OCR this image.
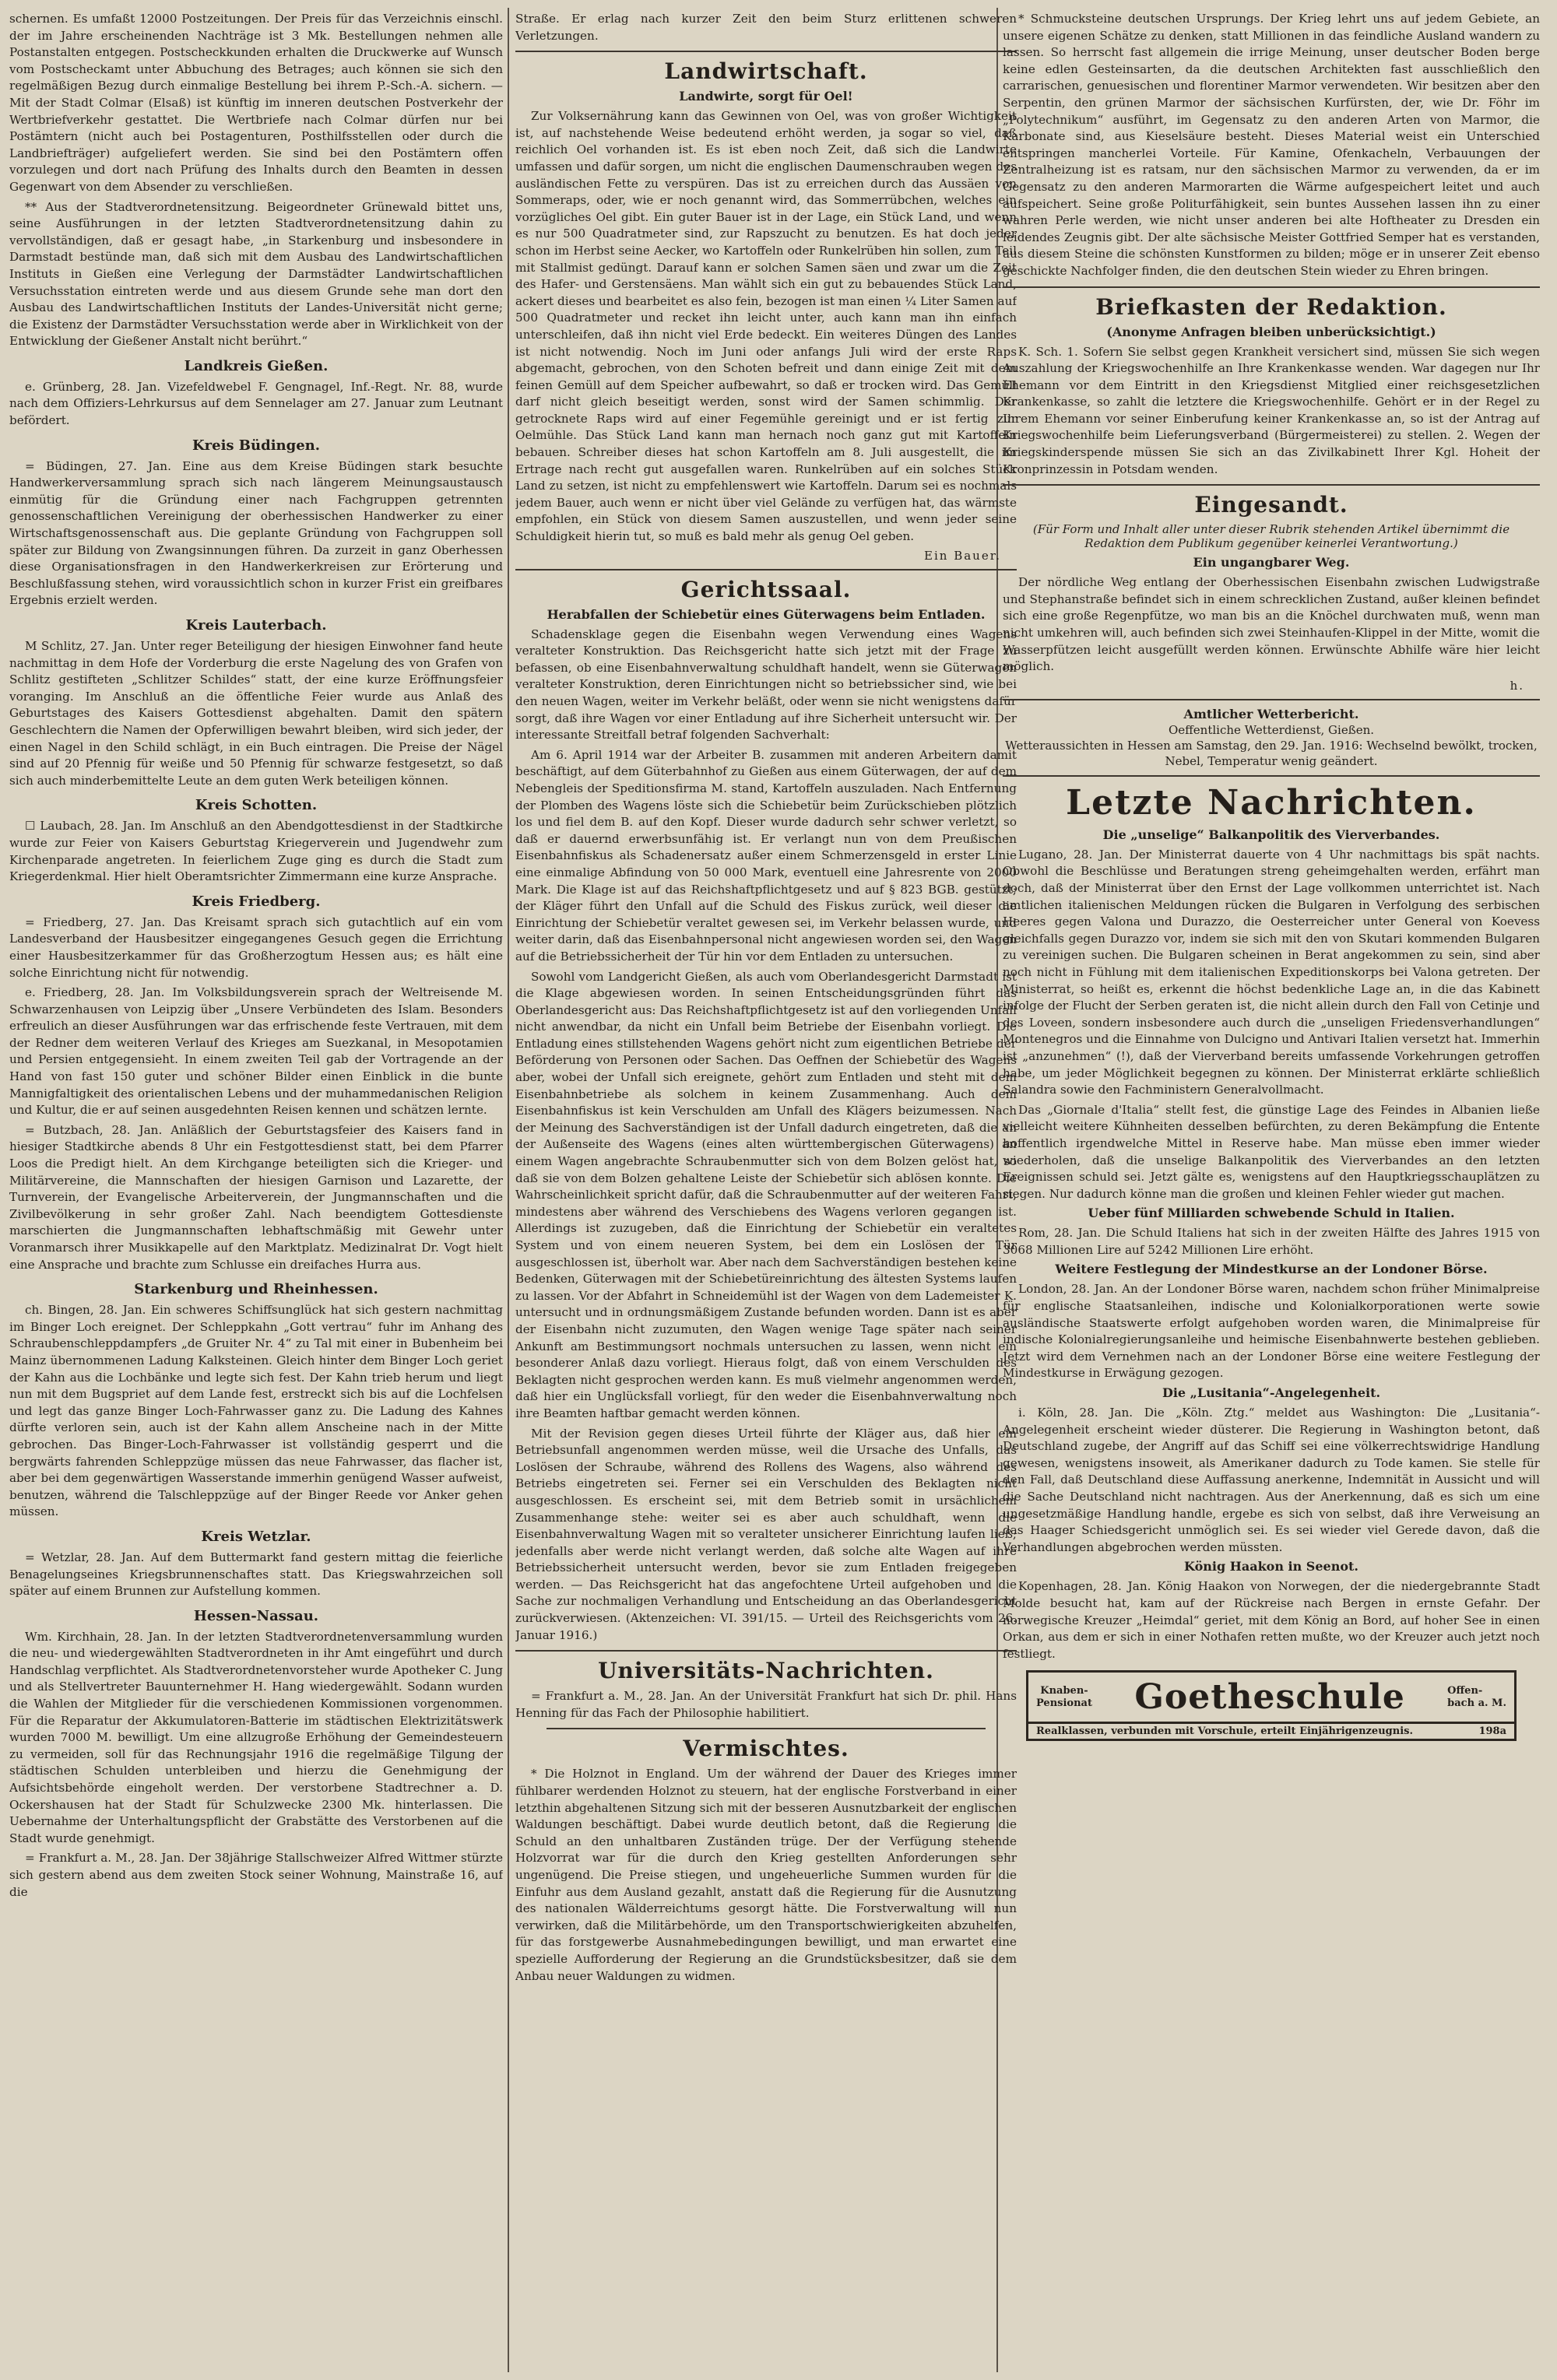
schernen. Es umfaßt 12000 Postzeitungen. Der Preis für das Verzeichnis einschl. der im Jahre erscheinenden Nachträge ist 3 Mk. Bestellungen nehmen alle Postanstalten entgegen. Postscheckkunden erhalten die Druckwerke auf Wunsch vom Postscheckamt unter Abbuchung des Betrages; auch können sie sich den regelmäßigen Bezug durch einmalige Bestellung bei ihrem P.-Sch.-A. sichern. — Mit der Stadt Colmar (Elsaß) ist künftig im inneren deutschen Postverkehr der Wertbriefverkehr gestattet. Die Wertbriefe nach Colmar dürfen nur bei Postämtern (nicht auch bei Postagenturen, Posthilfsstellen oder durch die Landbriefträger) aufgeliefert werden. Sie sind bei den Postämtern offen vorzulegen und dort nach Prüfung des Inhalts durch den Beamten in dessen Gegenwart von dem Absender zu verschließen.

** Aus der Stadtverordnetensitzung. Beigeordneter Grünewald bittet uns, seine Ausführungen in der letzten Stadtverordnetensitzung dahin zu vervollständigen, daß er gesagt habe, „in Starkenburg und insbesondere in Darmstadt bestünde man, daß sich mit dem Ausbau des Landwirtschaftlichen Instituts in Gießen eine Verlegung der Darmstädter Landwirtschaftlichen Versuchsstation eintreten werde und aus diesem Grunde sehe man dort den Ausbau des Landwirtschaftlichen Instituts der Landes-Universität nicht gerne; die Existenz der Darmstädter Versuchsstation werde aber in Wirklichkeit von der Entwicklung der Gießener Anstalt nicht berührt.“

Landkreis Gießen.

e. Grünberg, 28. Jan. Vizefeldwebel F. Gengnagel, Inf.-Regt. Nr. 88, wurde nach dem Offiziers-Lehrkursus auf dem Sennelager am 27. Januar zum Leutnant befördert.

Kreis Büdingen.

= Büdingen, 27. Jan. Eine aus dem Kreise Büdingen stark besuchte Handwerkerversammlung sprach sich nach längerem Meinungsaustausch einmütig für die Gründung einer nach Fachgruppen getrennten genossenschaftlichen Vereinigung der oberhessischen Handwerker zu einer Wirtschaftsgenossenschaft aus. Die geplante Gründung von Fachgruppen soll später zur Bildung von Zwangsinnungen führen. Da zurzeit in ganz Oberhessen diese Organisationsfragen in den Handwerkerkreisen zur Erörterung und Beschlußfassung stehen, wird voraussichtlich schon in kurzer Frist ein greifbares Ergebnis erzielt werden.

Kreis Lauterbach.

M Schlitz, 27. Jan. Unter reger Beteiligung der hiesigen Einwohner fand heute nachmittag in dem Hofe der Vorderburg die erste Nagelung des von Grafen von Schlitz gestifteten „Schlitzer Schildes“ statt, der eine kurze Eröffnungsfeier voranging. Im Anschluß an die öffentliche Feier wurde aus Anlaß des Geburtstages des Kaisers Gottesdienst abgehalten. Damit den spätern Geschlechtern die Namen der Opferwilligen bewahrt bleiben, wird sich jeder, der einen Nagel in den Schild schlägt, in ein Buch eintragen. Die Preise der Nägel sind auf 20 Pfennig für weiße und 50 Pfennig für schwarze festgesetzt, so daß sich auch minderbemittelte Leute an dem guten Werk beteiligen können.

Kreis Schotten.

☐ Laubach, 28. Jan. Im Anschluß an den Abendgottesdienst in der Stadtkirche wurde zur Feier von Kaisers Geburtstag Kriegerverein und Jugendwehr zum Kirchenparade angetreten. In feierlichem Zuge ging es durch die Stadt zum Kriegerdenkmal. Hier hielt Oberamtsrichter Zimmermann eine kurze Ansprache.

Kreis Friedberg.

= Friedberg, 27. Jan. Das Kreisamt sprach sich gutachtlich auf ein vom Landesverband der Hausbesitzer eingegangenes Gesuch gegen die Errichtung einer Hausbesitzerkammer für das Großherzogtum Hessen aus; es hält eine solche Einrichtung nicht für notwendig.

e. Friedberg, 28. Jan. Im Volksbildungsverein sprach der Weltreisende M. Schwarzenhausen von Leipzig über „Unsere Verbündeten des Islam. Besonders erfreulich an dieser Ausführungen war das erfrischende feste Vertrauen, mit dem der Redner dem weiteren Verlauf des Krieges am Suezkanal, in Mesopotamien und Persien entgegensieht. In einem zweiten Teil gab der Vortragende an der Hand von fast 150 guter und schöner Bilder einen Einblick in die bunte Mannigfaltigkeit des orientalischen Lebens und der muhammedanischen Religion und Kultur, die er auf seinen ausgedehnten Reisen kennen und schätzen lernte.

= Butzbach, 28. Jan. Anläßlich der Geburtstagsfeier des Kaisers fand in hiesiger Stadtkirche abends 8 Uhr ein Festgottesdienst statt, bei dem Pfarrer Loos die Predigt hielt. An dem Kirchgange beteiligten sich die Krieger- und Militärvereine, die Mannschaften der hiesigen Garnison und Lazarette, der Turnverein, der Evangelische Arbeiterverein, der Jungmannschaften und die Zivilbevölkerung in sehr großer Zahl. Nach beendigtem Gottesdienste marschierten die Jungmannschaften lebhaftschmäßig mit Gewehr unter Voranmarsch ihrer Musikkapelle auf den Marktplatz. Medizinalrat Dr. Vogt hielt eine Ansprache und brachte zum Schlusse ein dreifaches Hurra aus.

Starkenburg und Rheinhessen.

ch. Bingen, 28. Jan. Ein schweres Schiffsunglück hat sich gestern nachmittag im Binger Loch ereignet. Der Schleppkahn „Gott vertrau“ fuhr im Anhang des Schraubenschleppdampfers „de Gruiter Nr. 4“ zu Tal mit einer in Bubenheim bei Mainz übernommenen Ladung Kalksteinen. Gleich hinter dem Binger Loch geriet der Kahn aus die Lochbänke und legte sich fest. Der Kahn trieb herum und liegt nun mit dem Bugspriet auf dem Lande fest, erstreckt sich bis auf die Lochfelsen und legt das ganze Binger Loch-Fahrwasser ganz zu. Die Ladung des Kahnes dürfte verloren sein, auch ist der Kahn allem Anscheine nach in der Mitte gebrochen. Das Binger-Loch-Fahrwasser ist vollständig gesperrt und die bergwärts fahrenden Schleppzüge müssen das neue Fahrwasser, das flacher ist, aber bei dem gegenwärtigen Wasserstande immerhin genügend Wasser aufweist, benutzen, während die Talschleppzüge auf der Binger Reede vor Anker gehen müssen.

Kreis Wetzlar.

= Wetzlar, 28. Jan. Auf dem Buttermarkt fand gestern mittag die feierliche Benagelungseines Kriegsbrunnenschaftes statt. Das Kriegswahrzeichen soll später auf einem Brunnen zur Aufstellung kommen.

Hessen-Nassau.

Wm. Kirchhain, 28. Jan. In der letzten Stadtverordnetenversammlung wurden die neu- und wiedergewählten Stadtverordneten in ihr Amt eingeführt und durch Handschlag verpflichtet. Als Stadtverordnetenvorsteher wurde Apotheker C. Jung und als Stellvertreter Bauunternehmer H. Hang wiedergewählt. Sodann wurden die Wahlen der Mitglieder für die verschiedenen Kommissionen vorgenommen. Für die Reparatur der Akkumulatoren-Batterie im städtischen Elektrizitätswerk wurden 7000 M. bewilligt. Um eine allzugroße Erhöhung der Gemeindesteuern zu vermeiden, soll für das Rechnungsjahr 1916 die regelmäßige Tilgung der städtischen Schulden unterbleiben und hierzu die Genehmigung der Aufsichtsbehörde eingeholt werden. Der verstorbene Stadtrechner a. D. Ockershausen hat der Stadt für Schulzwecke 2300 Mk. hinterlassen. Die Uebernahme der Unterhaltungspflicht der Grabstätte des Verstorbenen auf die Stadt wurde genehmigt.

= Frankfurt a. M., 28. Jan. Der 38jährige Stallschweizer Alfred Wittmer stürzte sich gestern abend aus dem zweiten Stock seiner Wohnung, Mainstraße 16, auf die

Straße. Er erlag nach kurzer Zeit den beim Sturz erlittenen schweren Verletzungen.

Landwirtschaft.
Landwirte, sorgt für Oel!

Zur Volksernährung kann das Gewinnen von Oel, was von großer Wichtigkeit ist, auf nachstehende Weise bedeutend erhöht werden, ja sogar so viel, daß reichlich Oel vorhanden ist. Es ist eben noch Zeit, daß sich die Landwirte umfassen und dafür sorgen, um nicht die englischen Daumenschrauben wegen des ausländischen Fette zu verspüren. Das ist zu erreichen durch das Aussäen von Sommeraps, oder, wie er noch genannt wird, das Sommerrübchen, welches ein vorzügliches Oel gibt. Ein guter Bauer ist in der Lage, ein Stück Land, und wenn es nur 500 Quadratmeter sind, zur Rapszucht zu benutzen. Es hat doch jeder schon im Herbst seine Aecker, wo Kartoffeln oder Runkelrüben hin sollen, zum Teil mit Stallmist gedüngt. Darauf kann er solchen Samen säen und zwar um die Zeit des Hafer- und Gerstensäens. Man wählt sich ein gut zu bebauendes Stück Land, ackert dieses und bearbeitet es also fein, bezogen ist man einen ¼ Liter Samen auf 500 Quadratmeter und recket ihn leicht unter, auch kann man ihn einfach unterschleifen, daß ihn nicht viel Erde bedeckt. Ein weiteres Düngen des Landes ist nicht notwendig. Noch im Juni oder anfangs Juli wird der erste Raps abgemacht, gebrochen, von den Schoten befreit und dann einige Zeit mit dem feinen Gemüll auf dem Speicher aufbewahrt, so daß er trocken wird. Das Gemüll darf nicht gleich beseitigt werden, sonst wird der Samen schimmlig. Der getrocknete Raps wird auf einer Fegemühle gereinigt und er ist fertig zur Oelmühle. Das Stück Land kann man hernach noch ganz gut mit Kartoffeln bebauen. Schreiber dieses hat schon Kartoffeln am 8. Juli ausgestellt, die im Ertrage nach recht gut ausgefallen waren. Runkelrüben auf ein solches Stück Land zu setzen, ist nicht zu empfehlenswert wie Kartoffeln. Darum sei es nochmals jedem Bauer, auch wenn er nicht über viel Gelände zu verfügen hat, das wärmste empfohlen, ein Stück von diesem Samen auszustellen, und wenn jeder seine Schuldigkeit hierin tut, so muß es bald mehr als genug Oel geben.

Ein Bauer.
Gerichtssaal.
Herabfallen der Schiebetür eines Güterwagens beim Entladen.

Schadensklage gegen die Eisenbahn wegen Verwendung eines Wagens veralteter Konstruktion. Das Reichsgericht hatte sich jetzt mit der Frage zu befassen, ob eine Eisenbahnverwaltung schuldhaft handelt, wenn sie Güterwagen veralteter Konstruktion, deren Einrichtungen nicht so betriebssicher sind, wie bei den neuen Wagen, weiter im Verkehr beläßt, oder wenn sie nicht wenigstens dafür sorgt, daß ihre Wagen vor einer Entladung auf ihre Sicherheit untersucht wir. Der interessante Streitfall betraf folgenden Sachverhalt:

Am 6. April 1914 war der Arbeiter B. zusammen mit anderen Arbeitern damit beschäftigt, auf dem Güterbahnhof zu Gießen aus einem Güterwagen, der auf dem Nebengleis der Speditionsfirma M. stand, Kartoffeln auszuladen. Nach Entfernung der Plomben des Wagens löste sich die Schiebetür beim Zurückschieben plötzlich los und fiel dem B. auf den Kopf. Dieser wurde dadurch sehr schwer verletzt, so daß er dauernd erwerbsunfähig ist. Er verlangt nun von dem Preußischen Eisenbahnfiskus als Schadenersatz außer einem Schmerzensgeld in erster Linie eine einmalige Abfindung von 50 000 Mark, eventuell eine Jahresrente von 2000 Mark. Die Klage ist auf das Reichshaftpflichtgesetz und auf § 823 BGB. gestützt; der Kläger führt den Unfall auf die Schuld des Fiskus zurück, weil dieser die Einrichtung der Schiebetür veraltet gewesen sei, im Verkehr belassen wurde, und weiter darin, daß das Eisenbahnpersonal nicht angewiesen worden sei, den Wagen auf die Betriebssicherheit der Tür hin vor dem Entladen zu untersuchen.

Sowohl vom Landgericht Gießen, als auch vom Oberlandesgericht Darmstadt ist die Klage abgewiesen worden. In seinen Entscheidungsgründen führt das Oberlandesgericht aus: Das Reichshaftpflichtgesetz ist auf den vorliegenden Unfall nicht anwendbar, da nicht ein Unfall beim Betriebe der Eisenbahn vorliegt. Die Entladung eines stillstehenden Wagens gehört nicht zum eigentlichen Betriebe der Beförderung von Personen oder Sachen. Das Oeffnen der Schiebetür des Wagens aber, wobei der Unfall sich ereignete, gehört zum Entladen und steht mit dem Eisenbahnbetriebe als solchem in keinem Zusammenhang. Auch dem Eisenbahnfiskus ist kein Verschulden am Unfall des Klägers beizumessen. Nach der Meinung des Sachverständigen ist der Unfall dadurch eingetreten, daß die an der Außenseite des Wagens (eines alten württembergischen Güterwagens) an einem Wagen angebrachte Schraubenmutter sich von dem Bolzen gelöst hat, so daß sie von dem Bolzen gehaltene Leiste der Schiebetür sich ablösen konnte. Die Wahrscheinlichkeit spricht dafür, daß die Schraubenmutter auf der weiteren Fahrt, mindestens aber während des Verschiebens des Wagens verloren gegangen ist. Allerdings ist zuzugeben, daß die Einrichtung der Schiebetür ein veraltetes System und von einem neueren System, bei dem ein Loslösen der Tür ausgeschlossen ist, überholt war. Aber nach dem Sachverständigen bestehen keine Bedenken, Güterwagen mit der Schiebetüreinrichtung des ältesten Systems laufen zu lassen. Vor der Abfahrt in Schneidemühl ist der Wagen von dem Lademeister K. untersucht und in ordnungsmäßigem Zustande befunden worden. Dann ist es aber der Eisenbahn nicht zuzumuten, den Wagen wenige Tage später nach seiner Ankunft am Bestimmungsort nochmals untersuchen zu lassen, wenn nicht ein besonderer Anlaß dazu vorliegt. Hieraus folgt, daß von einem Verschulden des Beklagten nicht gesprochen werden kann. Es muß vielmehr angenommen werden, daß hier ein Unglücksfall vorliegt, für den weder die Eisenbahnverwaltung noch ihre Beamten haftbar gemacht werden können.

Mit der Revision gegen dieses Urteil führte der Kläger aus, daß hier ein Betriebsunfall angenommen werden müsse, weil die Ursache des Unfalls, das Loslösen der Schraube, während des Rollens des Wagens, also während des Betriebs eingetreten sei. Ferner sei ein Verschulden des Beklagten nicht ausgeschlossen. Es erscheint sei, mit dem Betrieb somit in ursächlichem Zusammenhange stehe: weiter sei es aber auch schuldhaft, wenn die Eisenbahnverwaltung Wagen mit so veralteter unsicherer Einrichtung laufen ließ; jedenfalls aber werde nicht verlangt werden, daß solche alte Wagen auf ihre Betriebssicherheit untersucht werden, bevor sie zum Entladen freigegeben werden. — Das Reichsgericht hat das angefochtene Urteil aufgehoben und die Sache zur nochmaligen Verhandlung und Entscheidung an das Oberlandesgericht zurückverwiesen. (Aktenzeichen: VI. 391/15. — Urteil des Reichsgerichts vom 26. Januar 1916.)

Universitäts-Nachrichten.

= Frankfurt a. M., 28. Jan. An der Universität Frankfurt hat sich Dr. phil. Hans Henning für das Fach der Philosophie habilitiert.

Vermischtes.

* Die Holznot in England. Um der während der Dauer des Krieges immer fühlbarer werdenden Holznot zu steuern, hat der englische Forstverband in einer letzthin abgehaltenen Sitzung sich mit der besseren Ausnutzbarkeit der englischen Waldungen beschäftigt. Dabei wurde deutlich betont, daß die Regierung die Schuld an den unhaltbaren Zuständen trüge. Der der Verfügung stehende Holzvorrat war für die durch den Krieg gestellten Anforderungen sehr ungenügend. Die Preise stiegen, und ungeheuerliche Summen wurden für die Einfuhr aus dem Ausland gezahlt, anstatt daß die Regierung für die Ausnutzung des nationalen Wälderreichtums gesorgt hätte. Die Forstverwaltung will nun verwirken, daß die Militärbehörde, um den Transportschwierigkeiten abzuhelfen, für das forstgewerbe Ausnahmebedingungen bewilligt, und man erwartet eine spezielle Aufforderung der Regierung an die Grundstücksbesitzer, daß sie dem Anbau neuer Waldungen zu widmen.

* Schmucksteine deutschen Ursprungs. Der Krieg lehrt uns auf jedem Gebiete, an unsere eigenen Schätze zu denken, statt Millionen in das feindliche Ausland wandern zu lassen. So herrscht fast allgemein die irrige Meinung, unser deutscher Boden berge keine edlen Gesteinsarten, da die deutschen Architekten fast ausschließlich den carrarischen, genuesischen und florentiner Marmor verwendeten. Wir besitzen aber den Serpentin, den grünen Marmor der sächsischen Kurfürsten, der, wie Dr. Föhr im „Polytechnikum“ ausführt, im Gegensatz zu den anderen Arten von Marmor, die Karbonate sind, aus Kieselsäure besteht. Dieses Material weist ein Unterschied entspringen mancherlei Vorteile. Für Kamine, Ofenkacheln, Verbauungen der Zentralheizung ist es ratsam, nur den sächsischen Marmor zu verwenden, da er im Gegensatz zu den anderen Marmorarten die Wärme aufgespeichert leitet und auch aufspeichert. Seine große Politurfähigkeit, sein buntes Aussehen lassen ihn zu einer wahren Perle werden, wie nicht unser anderen bei alte Hoftheater zu Dresden ein leidendes Zeugnis gibt. Der alte sächsische Meister Gottfried Semper hat es verstanden, aus diesem Steine die schönsten Kunstformen zu bilden; möge er in unserer Zeit ebenso geschickte Nachfolger finden, die den deutschen Stein wieder zu Ehren bringen.

Briefkasten der Redaktion.
(Anonyme Anfragen bleiben unberücksichtigt.)

K. Sch. 1. Sofern Sie selbst gegen Krankheit versichert sind, müssen Sie sich wegen Auszahlung der Kriegswochenhilfe an Ihre Krankenkasse wenden. War dagegen nur Ihr Ehemann vor dem Eintritt in den Kriegsdienst Mitglied einer reichsgesetzlichen Krankenkasse, so zahlt die letztere die Kriegswochenhilfe. Gehört er in der Regel zu Ihrem Ehemann vor seiner Einberufung keiner Krankenkasse an, so ist der Antrag auf Kriegswochenhilfe beim Lieferungsverband (Bürgermeisterei) zu stellen. 2. Wegen der Kriegskinderspende müssen Sie sich an das Zivilkabinett Ihrer Kgl. Hoheit der Kronprinzessin in Potsdam wenden.

Eingesandt.
(Für Form und Inhalt aller unter dieser Rubrik stehenden Artikel übernimmt die Redaktion dem Publikum gegenüber keinerlei Verantwortung.)
Ein ungangbarer Weg.

Der nördliche Weg entlang der Oberhessischen Eisenbahn zwischen Ludwigstraße und Stephanstraße befindet sich in einem schrecklichen Zustand, außer kleinen befindet sich eine große Regenpfütze, wo man bis an die Knöchel durchwaten muß, wenn man nicht umkehren will, auch befinden sich zwei Steinhaufen-Klippel in der Mitte, womit die Wasserpfützen leicht ausgefüllt werden können. Erwünschte Abhilfe wäre hier leicht möglich.

h.
Amtlicher Wetterbericht.
Oeffentliche Wetterdienst, Gießen.
Wetteraussichten in Hessen am Samstag, den 29. Jan. 1916: Wechselnd bewölkt, trocken, Nebel, Temperatur wenig geändert.
Letzte Nachrichten.
Die „unselige“ Balkanpolitik des Vierverbandes.

Lugano, 28. Jan. Der Ministerrat dauerte von 4 Uhr nachmittags bis spät nachts. Obwohl die Beschlüsse und Beratungen streng geheimgehalten werden, erfährt man doch, daß der Ministerrat über den Ernst der Lage vollkommen unterrichtet ist. Nach amtlichen italienischen Meldungen rücken die Bulgaren in Verfolgung des serbischen Heeres gegen Valona und Durazzo, die Oesterreicher unter General von Koevess gleichfalls gegen Durazzo vor, indem sie sich mit den von Skutari kommenden Bulgaren zu vereinigen suchen. Die Bulgaren scheinen in Berat angekommen zu sein, sind aber noch nicht in Fühlung mit dem italienischen Expeditionskorps bei Valona getreten. Der Ministerrat, so heißt es, erkennt die höchst bedenkliche Lage an, in die das Kabinett infolge der Flucht der Serben geraten ist, die nicht allein durch den Fall von Cetinje und des Loveen, sondern insbesondere auch durch die „unseligen Friedensverhandlungen“ Montenegros und die Einnahme von Dulcigno und Antivari Italien versetzt hat. Immerhin ist „anzunehmen“ (!), daß der Vierverband bereits umfassende Vorkehrungen getroffen habe, um jeder Möglichkeit begegnen zu können. Der Ministerrat erklärte schließlich Salandra sowie den Fachministern Generalvollmacht.

Das „Giornale d'Italia“ stellt fest, die günstige Lage des Feindes in Albanien ließe vielleicht weitere Kühnheiten desselben befürchten, zu deren Bekämpfung die Entente hoffentlich irgendwelche Mittel in Reserve habe. Man müsse eben immer wieder wiederholen, daß die unselige Balkanpolitik des Vierverbandes an den letzten Ereignissen schuld sei. Jetzt gälte es, wenigstens auf den Hauptkriegsschauplätzen zu siegen. Nur dadurch könne man die großen und kleinen Fehler wieder gut machen.

Ueber fünf Milliarden schwebende Schuld in Italien.

Rom, 28. Jan. Die Schuld Italiens hat sich in der zweiten Hälfte des Jahres 1915 von 3068 Millionen Lire auf 5242 Millionen Lire erhöht.

Weitere Festlegung der Mindestkurse an der Londoner Börse.

London, 28. Jan. An der Londoner Börse waren, nachdem schon früher Minimalpreise für englische Staatsanleihen, indische und Kolonialkorporationen werte sowie ausländische Staatswerte erfolgt aufgehoben worden waren, die Minimalpreise für indische Kolonialregierungsanleihe und heimische Eisenbahnwerte bestehen geblieben. Jetzt wird dem Vernehmen nach an der Londoner Börse eine weitere Festlegung der Mindestkurse in Erwägung gezogen.

Die „Lusitania“-Angelegenheit.

i. Köln, 28. Jan. Die „Köln. Ztg.“ meldet aus Washington: Die „Lusitania“-Angelegenheit erscheint wieder düsterer. Die Regierung in Washington betont, daß Deutschland zugebe, der Angriff auf das Schiff sei eine völkerrechtswidrige Handlung gewesen, wenigstens insoweit, als Amerikaner dadurch zu Tode kamen. Sie stelle für den Fall, daß Deutschland diese Auffassung anerkenne, Indemnität in Aussicht und will die Sache Deutschland nicht nachtragen. Aus der Anerkennung, daß es sich um eine ungesetzmäßige Handlung handle, ergebe es sich von selbst, daß ihre Verweisung an das Haager Schiedsgericht unmöglich sei. Es sei wieder viel Gerede davon, daß die Verhandlungen abgebrochen werden müssten.

König Haakon in Seenot.

Kopenhagen, 28. Jan. König Haakon von Norwegen, der die niedergebrannte Stadt Molde besucht hat, kam auf der Rückreise nach Bergen in ernste Gefahr. Der norwegische Kreuzer „Heimdal“ geriet, mit dem König an Bord, auf hoher See in einen Orkan, aus dem er sich in einer Nothafen retten mußte, wo der Kreuzer auch jetzt noch festliegt.

Knaben-
Pensionat Goetheschule	Offen-
bach a. M.
Realklassen, verbunden mit Vorschule, erteilt Einjährigenzeugnis.	198a
